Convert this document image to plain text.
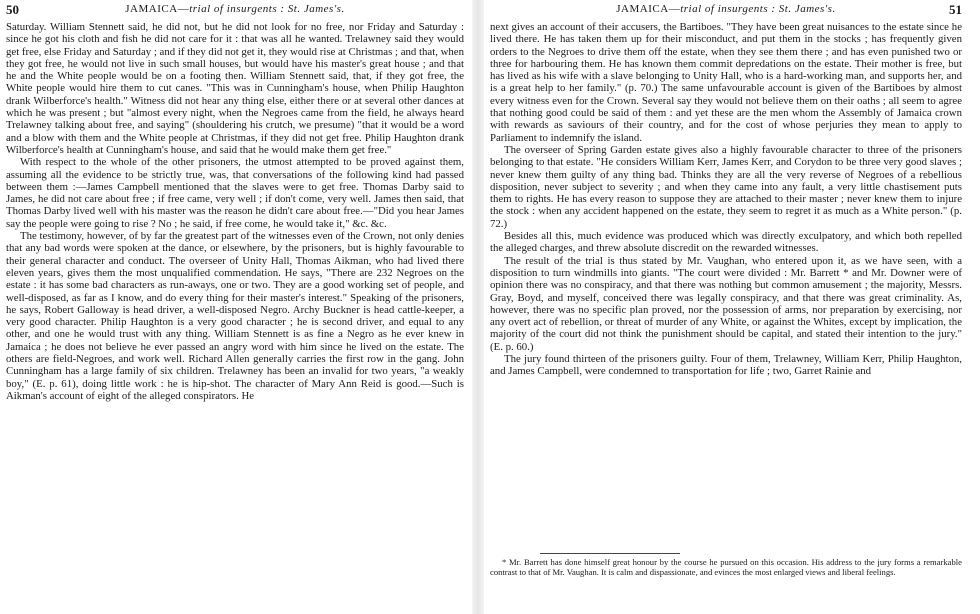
50	JAMAICA—trial of insurgents : St. James's.

Saturday. William Stennett said, he did not, but he did not look for no free, nor Friday and Saturday : since he got his cloth and fish he did not care for it : that was all he wanted. Trelawney said they would get free, else Friday and Saturday ; and if they did not get it, they would rise at Christmas ; and that, when they got free, he would not live in such small houses, but would have his master's great house ; and that he and the White people would be on a footing then. William Stennett said, that, if they got free, the White people would hire them to cut canes. "This was in Cunningham's house, when Philip Haughton drank Wilberforce's health." Witness did not hear any thing else, either there or at several other dances at which he was present ; but "almost every night, when the Negroes came from the field, he always heard Trelawney talking about free, and saying" (shouldering his crutch, we presume) "that it would be a word and a blow with them and the White people at Christmas, if they did not get free. Philip Haughton drank Wilberforce's health at Cunningham's house, and said that he would make them get free."

With respect to the whole of the other prisoners, the utmost attempted to be proved against them, assuming all the evidence to be strictly true, was, that conversations of the following kind had passed between them :—James Campbell mentioned that the slaves were to get free. Thomas Darby said to James, he did not care about free ; if free came, very well ; if don't come, very well. James then said, that Thomas Darby lived well with his master was the reason he didn't care about free.—"Did you hear James say the people were going to rise ? No ; he said, if free come, he would take it," &c. &c.

The testimony, however, of by far the greatest part of the witnesses even of the Crown, not only denies that any bad words were spoken at the dance, or elsewhere, by the prisoners, but is highly favourable to their general character and conduct. The overseer of Unity Hall, Thomas Aikman, who had lived there eleven years, gives them the most unqualified commendation. He says, "There are 232 Negroes on the estate : it has some bad characters as run-aways, one or two. They are a good working set of people, and well-disposed, as far as I know, and do every thing for their master's interest." Speaking of the prisoners, he says, Robert Galloway is head driver, a well-disposed Negro. Archy Buckner is head cattle-keeper, a very good character. Philip Haughton is a very good character ; he is second driver, and equal to any other, and one he would trust with any thing. William Stennett is as fine a Negro as he ever knew in Jamaica ; he does not believe he ever passed an angry word with him since he lived on the estate. The others are field-Negroes, and work well. Richard Allen generally carries the first row in the gang. John Cunningham has a large family of six children. Trelawney has been an invalid for two years, "a weakly boy," (E. p. 61), doing little work : he is hip-shot. The character of Mary Ann Reid is good.—Such is Aikman's account of eight of the alleged conspirators. He

JAMAICA—trial of insurgents : St. James's.	51

next gives an account of their accusers, the Bartiboes. "They have been great nuisances to the estate since he lived there. He has taken them up for their misconduct, and put them in the stocks ; has frequently given orders to the Negroes to drive them off the estate, when they see them there ; and has even punished two or three for harbouring them. He has known them commit depredations on the estate. Their mother is free, but has lived as his wife with a slave belonging to Unity Hall, who is a hard-working man, and supports her, and is a great help to her family." (p. 70.) The same unfavourable account is given of the Bartiboes by almost every witness even for the Crown. Several say they would not believe them on their oaths ; all seem to agree that nothing good could be said of them : and yet these are the men whom the Assembly of Jamaica crown with rewards as saviours of their country, and for the cost of whose perjuries they mean to apply to Parliament to indemnify the island.

The overseer of Spring Garden estate gives also a highly favourable character to three of the prisoners belonging to that estate. "He considers William Kerr, James Kerr, and Corydon to be three very good slaves ; never knew them guilty of any thing bad. Thinks they are all the very reverse of Negroes of a rebellious disposition, never subject to severity ; and when they came into any fault, a very little chastisement puts them to rights. He has every reason to suppose they are attached to their master ; never knew them to injure the stock : when any accident happened on the estate, they seem to regret it as much as a White person." (p. 72.)

Besides all this, much evidence was produced which was directly exculpatory, and which both repelled the alleged charges, and threw absolute discredit on the rewarded witnesses.

The result of the trial is thus stated by Mr. Vaughan, who entered upon it, as we have seen, with a disposition to turn windmills into giants. "The court were divided : Mr. Barrett * and Mr. Downer were of opinion there was no conspiracy, and that there was nothing but common amusement ; the majority, Messrs. Gray, Boyd, and myself, conceived there was legally conspiracy, and that there was great criminality. As, however, there was no specific plan proved, nor the possession of arms, nor preparation by exercising, nor any overt act of rebellion, or threat of murder of any White, or against the Whites, except by implication, the majority of the court did not think the punishment should be capital, and stated their intention to the jury." (E. p. 60.)

The jury found thirteen of the prisoners guilty. Four of them, Trelawney, William Kerr, Philip Haughton, and James Campbell, were condemned to transportation for life ; two, Garret Rainie and

* Mr. Barrett has done himself great honour by the course he pursued on this occasion. His address to the jury forms a remarkable contrast to that of Mr. Vaughan. It is calm and dispassionate, and evinces the most enlarged views and liberal feelings.
